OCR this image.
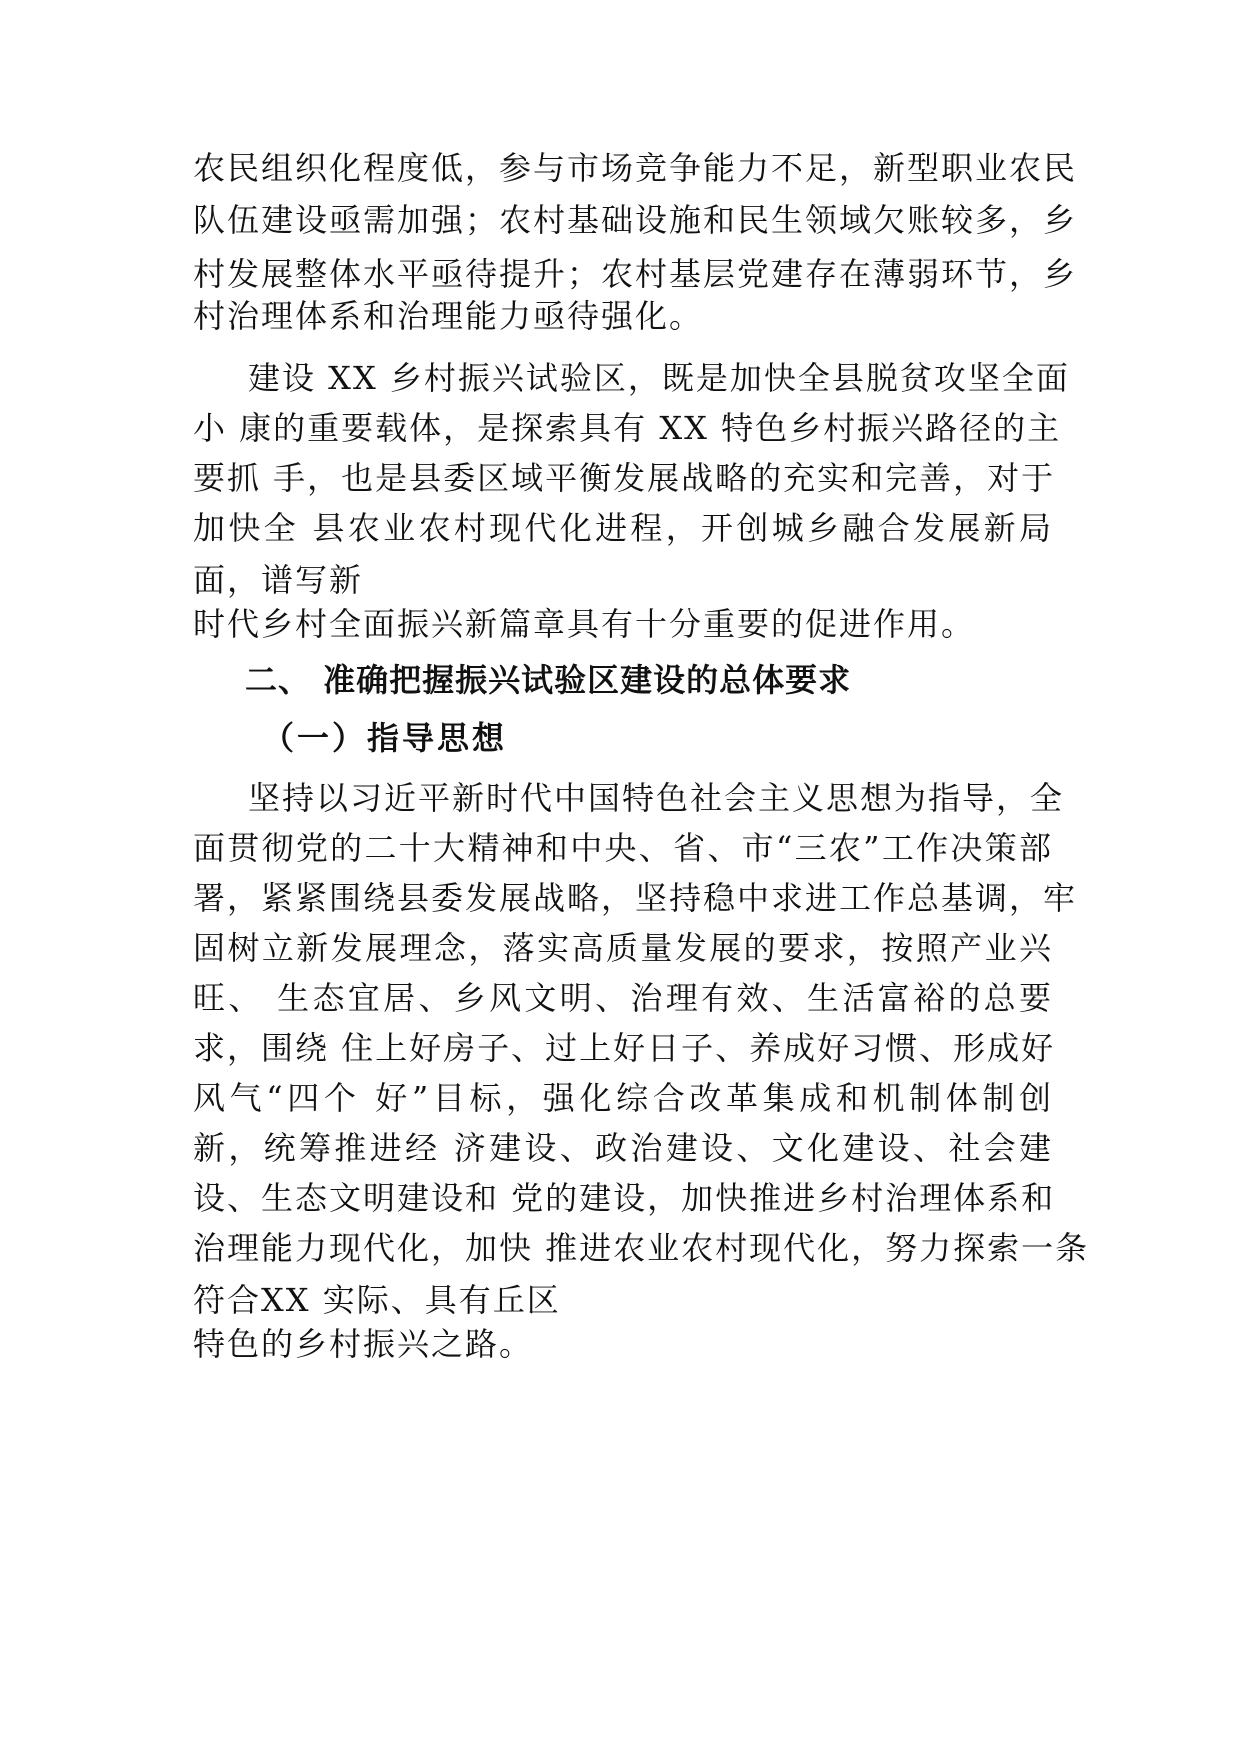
农民组织化程度低，参与市场竞争能力不足，新型职业农民
队伍建设亟需加强；农村基础设施和民生领域欠账较多，乡
村发展整体水平亟待提升；农村基层党建存在薄弱环节，乡
村治理体系和治理能力亟待强化。
建设 XX 乡村振兴试验区，既是加快全县脱贫攻坚全面
小 康的重要载体，是探索具有 XX 特色乡村振兴路径的主
要抓 手，也是县委区域平衡发展战略的充实和完善，对于
加快全 县农业农村现代化进程，开创城乡融合发展新局
面，谱写新
时代乡村全面振兴新篇章具有十分重要的促进作用。
二、 准确把握振兴试验区建设的总体要求
（一）指导思想
坚持以习近平新时代中国特色社会主义思想为指导，全
面贯彻党的二十大精神和中央、省、市“三农”工作决策部
署，紧紧围绕县委发展战略，坚持稳中求进工作总基调，牢
固树立新发展理念，落实高质量发展的要求，按照产业兴
旺、 生态宜居、乡风文明、治理有效、生活富裕的总要
求，围绕 住上好房子、过上好日子、养成好习惯、形成好
风气“四个 好”目标，强化综合改革集成和机制体制创
新，统筹推进经 济建设、政治建设、文化建设、社会建
设、生态文明建设和 党的建设，加快推进乡村治理体系和
治理能力现代化，加快 推进农业农村现代化，努力探索一条
符合XX 实际、具有丘区
特色的乡村振兴之路。
